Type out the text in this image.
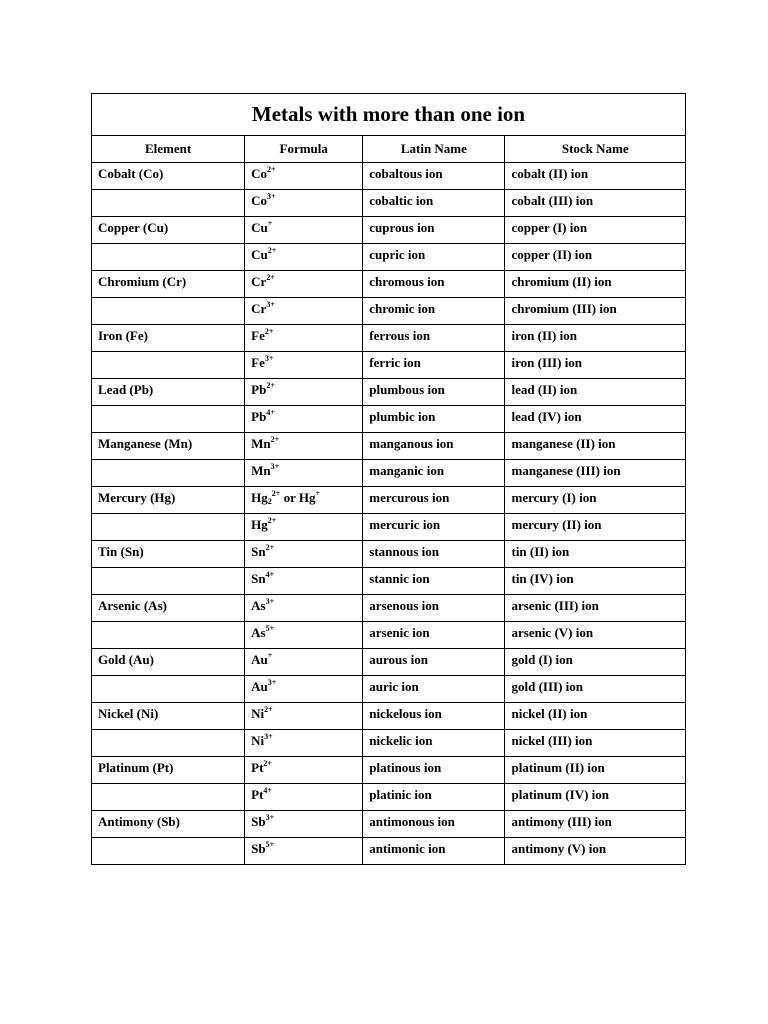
Metals with more than one ion			
Element	Formula	Latin Name	Stock Name
Cobalt (Co)	$Co^{2+}$	cobaltous ion	cobalt (II) ion
	$Co^{3+}$	cobaltic ion	cobalt (III) ion
Copper (Cu)	Cu+	cuprous ion	copper (I) ion
	$Cu^{2+}$	cupric ion	copper (II) ion
Chromium (Cr)	$Cr^{2+}$	chromous ion	chromium (II) ion
	$Cr^{3+}$	chromic ion	chromium (III) ion
Iron (Fe)	$Fe^{2+}$	ferrous ion	iron (II) ion
	$Fe^{3+}$	ferric ion	iron (III) ion
Lead (Pb)	$Pb^{2+}$	plumbous ion	lead (II) ion
	$Pb^{4+}$	plumbic ion	lead (IV) ion
Manganese (Mn)	$Mn^{2+}$	manganous ion	manganese (II) ion
	$Mn^{3+}$	manganic ion	manganese (III) ion
Mercury (Hg)	$Hg_2^{2+}$ or Hg+	mercurous ion	mercury (I) ion
	$Hg^{2+}$	mercuric ion	mercury (II) ion
Tin (Sn)	$Sn^{2+}$	stannous ion	tin (II) ion
	$Sn^{4+}$	stannic ion	tin (IV) ion
Arsenic (As)	$As^{3+}$	arsenous ion	arsenic (III) ion
	$As^{5+}$	arsenic ion	arsenic (V) ion
Gold (Au)	Au+	aurous ion	gold (I) ion
	$Au^{3+}$	auric ion	gold (III) ion
Nickel (Ni)	$Ni^{2+}$	nickelous ion	nickel (II) ion
	$Ni^{3+}$	nickelic ion	nickel (III) ion
Platinum (Pt)	$Pt^{2+}$	platinous ion	platinum (II) ion
	$Pt^{4+}$	platinic ion	platinum (IV) ion
Antimony (Sb)	$Sb^{3+}$	antimonous ion	antimony (III) ion
	$Sb^{5+}$	antimonic ion	antimony (V) ion
